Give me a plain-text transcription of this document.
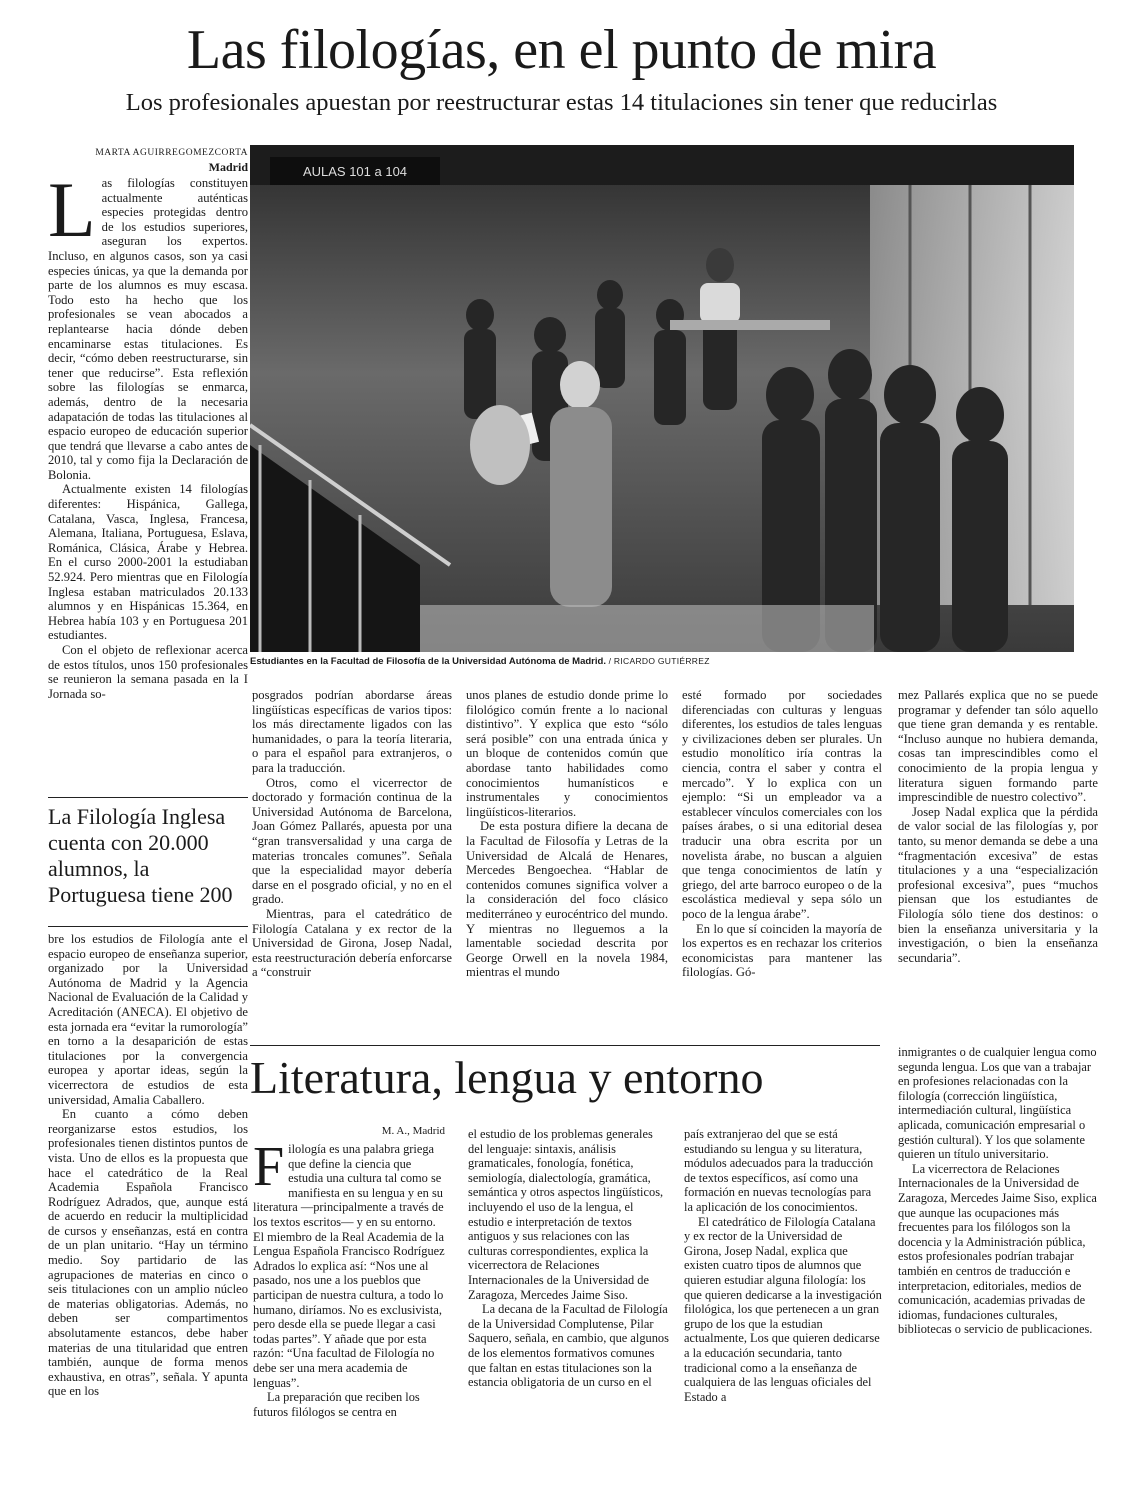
Las filologías, en el punto de mira
Los profesionales apuestan por reestructurar estas 14 titulaciones sin tener que reducirlas
MARTA AGUIRREGOMEZCORTA
Madrid

Las filologías constituyen actualmente auténticas especies protegidas dentro de los estudios superiores, aseguran los expertos. Incluso, en algunos casos, son ya casi especies únicas, ya que la demanda por parte de los alumnos es muy escasa. Todo esto ha hecho que los profesionales se vean abocados a replantearse hacia dónde deben encaminarse estas titulaciones. Es decir, “cómo deben reestructurarse, sin tener que reducirse”. Esta reflexión sobre las filologías se enmarca, además, dentro de la necesaria adapatación de todas las titulaciones al espacio europeo de educación superior que tendrá que llevarse a cabo antes de 2010, tal y como fija la Declaración de Bolonia.

Actualmente existen 14 filologías diferentes: Hispánica, Gallega, Catalana, Vasca, Inglesa, Francesa, Alemana, Italiana, Portuguesa, Eslava, Románica, Clásica, Árabe y Hebrea. En el curso 2000-2001 la estudiaban 52.924. Pero mientras que en Filología Inglesa estaban matriculados 20.133 alumnos y en Hispánicas 15.364, en Hebrea había 103 y en Portuguesa 201 estudiantes.

Con el objeto de reflexionar acerca de estos títulos, unos 150 profesionales se reunieron la semana pasada en la I Jornada so-

La Filología Inglesa cuenta con 20.000 alumnos, la Portuguesa tiene 200

bre los estudios de Filología ante el espacio europeo de enseñanza superior, organizado por la Universidad Autónoma de Madrid y la Agencia Nacional de Evaluación de la Calidad y Acreditación (ANECA). El objetivo de esta jornada era “evitar la rumorología” en torno a la desaparición de estas titulaciones por la convergencia europea y aportar ideas, según la vicerrectora de estudios de esta universidad, Amalia Caballero.

En cuanto a cómo deben reorganizarse estos estudios, los profesionales tienen distintos puntos de vista. Uno de ellos es la propuesta que hace el catedrático de la Real Academia Española Francisco Rodríguez Adrados, que, aunque está de acuerdo en reducir la multiplicidad de cursos y enseñanzas, está en contra de un plan unitario. “Hay un término medio. Soy partidario de las agrupaciones de materias en cinco o seis titulaciones con un amplio núcleo de materias obligatorias. Además, no deben ser compartimentos absolutamente estancos, debe haber materias de una titularidad que entren también, aunque de forma menos exhaustiva, en otras”, señala. Y apunta que en los

AULAS 101 a 104
Estudiantes en la Facultad de Filosofía de la Universidad Autónoma de Madrid. / RICARDO GUTIÉRREZ

posgrados podrían abordarse áreas lingüísticas específicas de varios tipos: los más directamente ligados con las humanidades, o para la teoría literaria, o para el español para extranjeros, o para la traducción.

Otros, como el vicerrector de doctorado y formación continua de la Universidad Autónoma de Barcelona, Joan Gómez Pallarés, apuesta por una “gran transversalidad y una carga de materias troncales comunes”. Señala que la especialidad mayor debería darse en el posgrado oficial, y no en el grado.

Mientras, para el catedrático de Filología Catalana y ex rector de la Universidad de Girona, Josep Nadal, esta reestructuración debería enforcarse a “construir

unos planes de estudio donde prime lo filológico común frente a lo nacional distintivo”. Y explica que esto “sólo será posible” con una entrada única y un bloque de contenidos común que abordase tanto habilidades como conocimientos humanísticos e instrumentales y conocimientos lingüísticos-literarios.

De esta postura difiere la decana de la Facultad de Filosofía y Letras de la Universidad de Alcalá de Henares, Mercedes Bengoechea. “Hablar de contenidos comunes significa volver a la consideración del foco clásico mediterráneo y eurocéntrico del mundo. Y mientras no lleguemos a la lamentable sociedad descrita por George Orwell en la novela 1984, mientras el mundo

esté formado por sociedades diferenciadas con culturas y lenguas diferentes, los estudios de tales lenguas y civilizaciones deben ser plurales. Un estudio monolítico iría contras la ciencia, contra el saber y contra el mercado”. Y lo explica con un ejemplo: “Si un empleador va a establecer vínculos comerciales con los países árabes, o si una editorial desea traducir una obra escrita por un novelista árabe, no buscan a alguien que tenga conocimientos de latín y griego, del arte barroco europeo o de la escolástica medieval y sepa sólo un poco de la lengua árabe”.

En lo que sí coinciden la mayoría de los expertos es en rechazar los criterios economicistas para mantener las filologías. Gó-

mez Pallarés explica que no se puede programar y defender tan sólo aquello que tiene gran demanda y es rentable. “Incluso aunque no hubiera demanda, cosas tan imprescindibles como el conocimiento de la propia lengua y literatura siguen formando parte imprescindible de nuestro colectivo”.

Josep Nadal explica que la pérdida de valor social de las filologías y, por tanto, su menor demanda se debe a una “fragmentación excesiva” de estas titulaciones y a una “especialización profesional excesiva”, pues “muchos piensan que los estudiantes de Filología sólo tiene dos destinos: o bien la enseñanza universitaria y la investigación, o bien la enseñanza secundaria”.

Literatura, lengua y entorno
M. A., Madrid

Filología es una palabra griega que define la ciencia que estudia una cultura tal como se manifiesta en su lengua y en su literatura —principalmente a través de los textos escritos— y en su entorno. El miembro de la Real Academia de la Lengua Española Francisco Rodríguez Adrados lo explica así: “Nos une al pasado, nos une a los pueblos que participan de nuestra cultura, a todo lo humano, diríamos. No es exclusivista, pero desde ella se puede llegar a casi todas partes”. Y añade que por esta razón: “Una facultad de Filología no debe ser una mera academia de lenguas”.

La preparación que reciben los futuros filólogos se centra en

el estudio de los problemas generales del lenguaje: sintaxis, análisis gramaticales, fonología, fonética, semiología, dialectología, gramática, semántica y otros aspectos lingüísticos, incluyendo el uso de la lengua, el estudio e interpretación de textos antiguos y sus relaciones con las culturas correspondientes, explica la vicerrectora de Relaciones Internacionales de la Universidad de Zaragoza, Mercedes Jaime Siso.

La decana de la Facultad de Filología de la Universidad Complutense, Pilar Saquero, señala, en cambio, que algunos de los elementos formativos comunes que faltan en estas titulaciones son la estancia obligatoria de un curso en el

país extranjerao del que se está estudiando su lengua y su literatura, módulos adecuados para la traducción de textos específicos, así como una formación en nuevas tecnologías para la aplicación de los conocimientos.

El catedrático de Filología Catalana y ex rector de la Universidad de Girona, Josep Nadal, explica que existen cuatro tipos de alumnos que quieren estudiar alguna filología: los que quieren dedicarse a la investigación filológica, los que pertenecen a un gran grupo de los que la estudian actualmente, Los que quieren dedicarse a la educación secundaria, tanto tradicional como a la enseñanza de cualquiera de las lenguas oficiales del Estado a

inmigrantes o de cualquier lengua como segunda lengua. Los que van a trabajar en profesiones relacionadas con la filología (corrección lingüística, intermediación cultural, lingüística aplicada, comunicación empresarial o gestión cultural). Y los que solamente quieren un título universitario.

La vicerrectora de Relaciones Internacionales de la Universidad de Zaragoza, Mercedes Jaime Siso, explica que aunque las ocupaciones más frecuentes para los filólogos son la docencia y la Administración pública, estos profesionales podrían trabajar también en centros de traducción e interpretacion, editoriales, medios de comunicación, academias privadas de idiomas, fundaciones culturales, bibliotecas o servicio de publicaciones.
